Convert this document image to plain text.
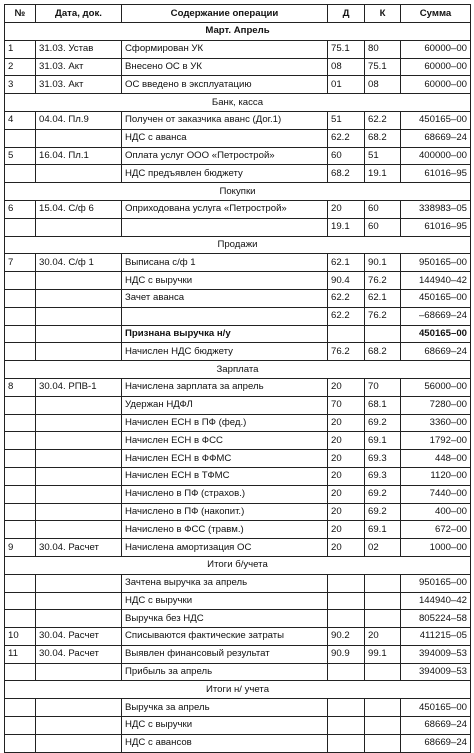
№	Дата, док.	Содержание операции	Д	К	Сумма
Март. Апрель					
1	31.03. Устав	Сформирован УК	75.1	80	60000–00
2	31.03. Акт	Внесено ОС в УК	08	75.1	60000–00
3	31.03. Акт	ОС введено в эксплуатацию	01	08	60000–00
Банк, касса					
4	04.04. Пл.9	Получен от заказчика аванс (Дог.1)	51	62.2	450165–00
		НДС с аванса	62.2	68.2	68669–24
5	16.04. Пл.1	Оплата услуг ООО «Петрострой»	60	51	400000–00
		НДС предъявлен бюджету	68.2	19.1	61016–95
Покупки					
6	15.04. С/ф 6	Оприходована услуга «Петрострой»	20	60	338983–05
			19.1	60	61016–95
Продажи					
7	30.04. С/ф 1	Выписана с/ф 1	62.1	90.1	950165–00
		НДС с выручки	90.4	76.2	144940–42
		Зачет аванса	62.2	62.1	450165–00
			62.2	76.2	–68669–24
		Признана выручка н/у			450165–00
		Начислен НДС бюджету	76.2	68.2	68669–24
Зарплата					
8	30.04. РПВ-1	Начислена зарплата за апрель	20	70	56000–00
		Удержан НДФЛ	70	68.1	7280–00
		Начислен ЕСН в ПФ (фед.)	20	69.2	3360–00
		Начислен ЕСН в ФСС	20	69.1	1792–00
		Начислен ЕСН в ФФМС	20	69.3	448–00
		Начислен ЕСН в ТФМС	20	69.3	1120–00
		Начислено в ПФ (страхов.)	20	69.2	7440–00
		Начислено в ПФ (накопит.)	20	69.2	400–00
		Начислено в ФСС (травм.)	20	69.1	672–00
9	30.04. Расчет	Начислена амортизация ОС	20	02	1000–00
Итоги б/учета					
		Зачтена выручка за апрель			950165–00
		НДС с выручки			144940–42
		Выручка без НДС			805224–58
10	30.04. Расчет	Списываются фактические затраты	90.2	20	411215–05
11	30.04. Расчет	Выявлен финансовый результат	90.9	99.1	394009–53
		Прибыль за апрель			394009–53
Итоги н/ учета					
		Выручка за апрель			450165–00
		НДС с выручки			68669–24
		НДС с авансов			68669–24
